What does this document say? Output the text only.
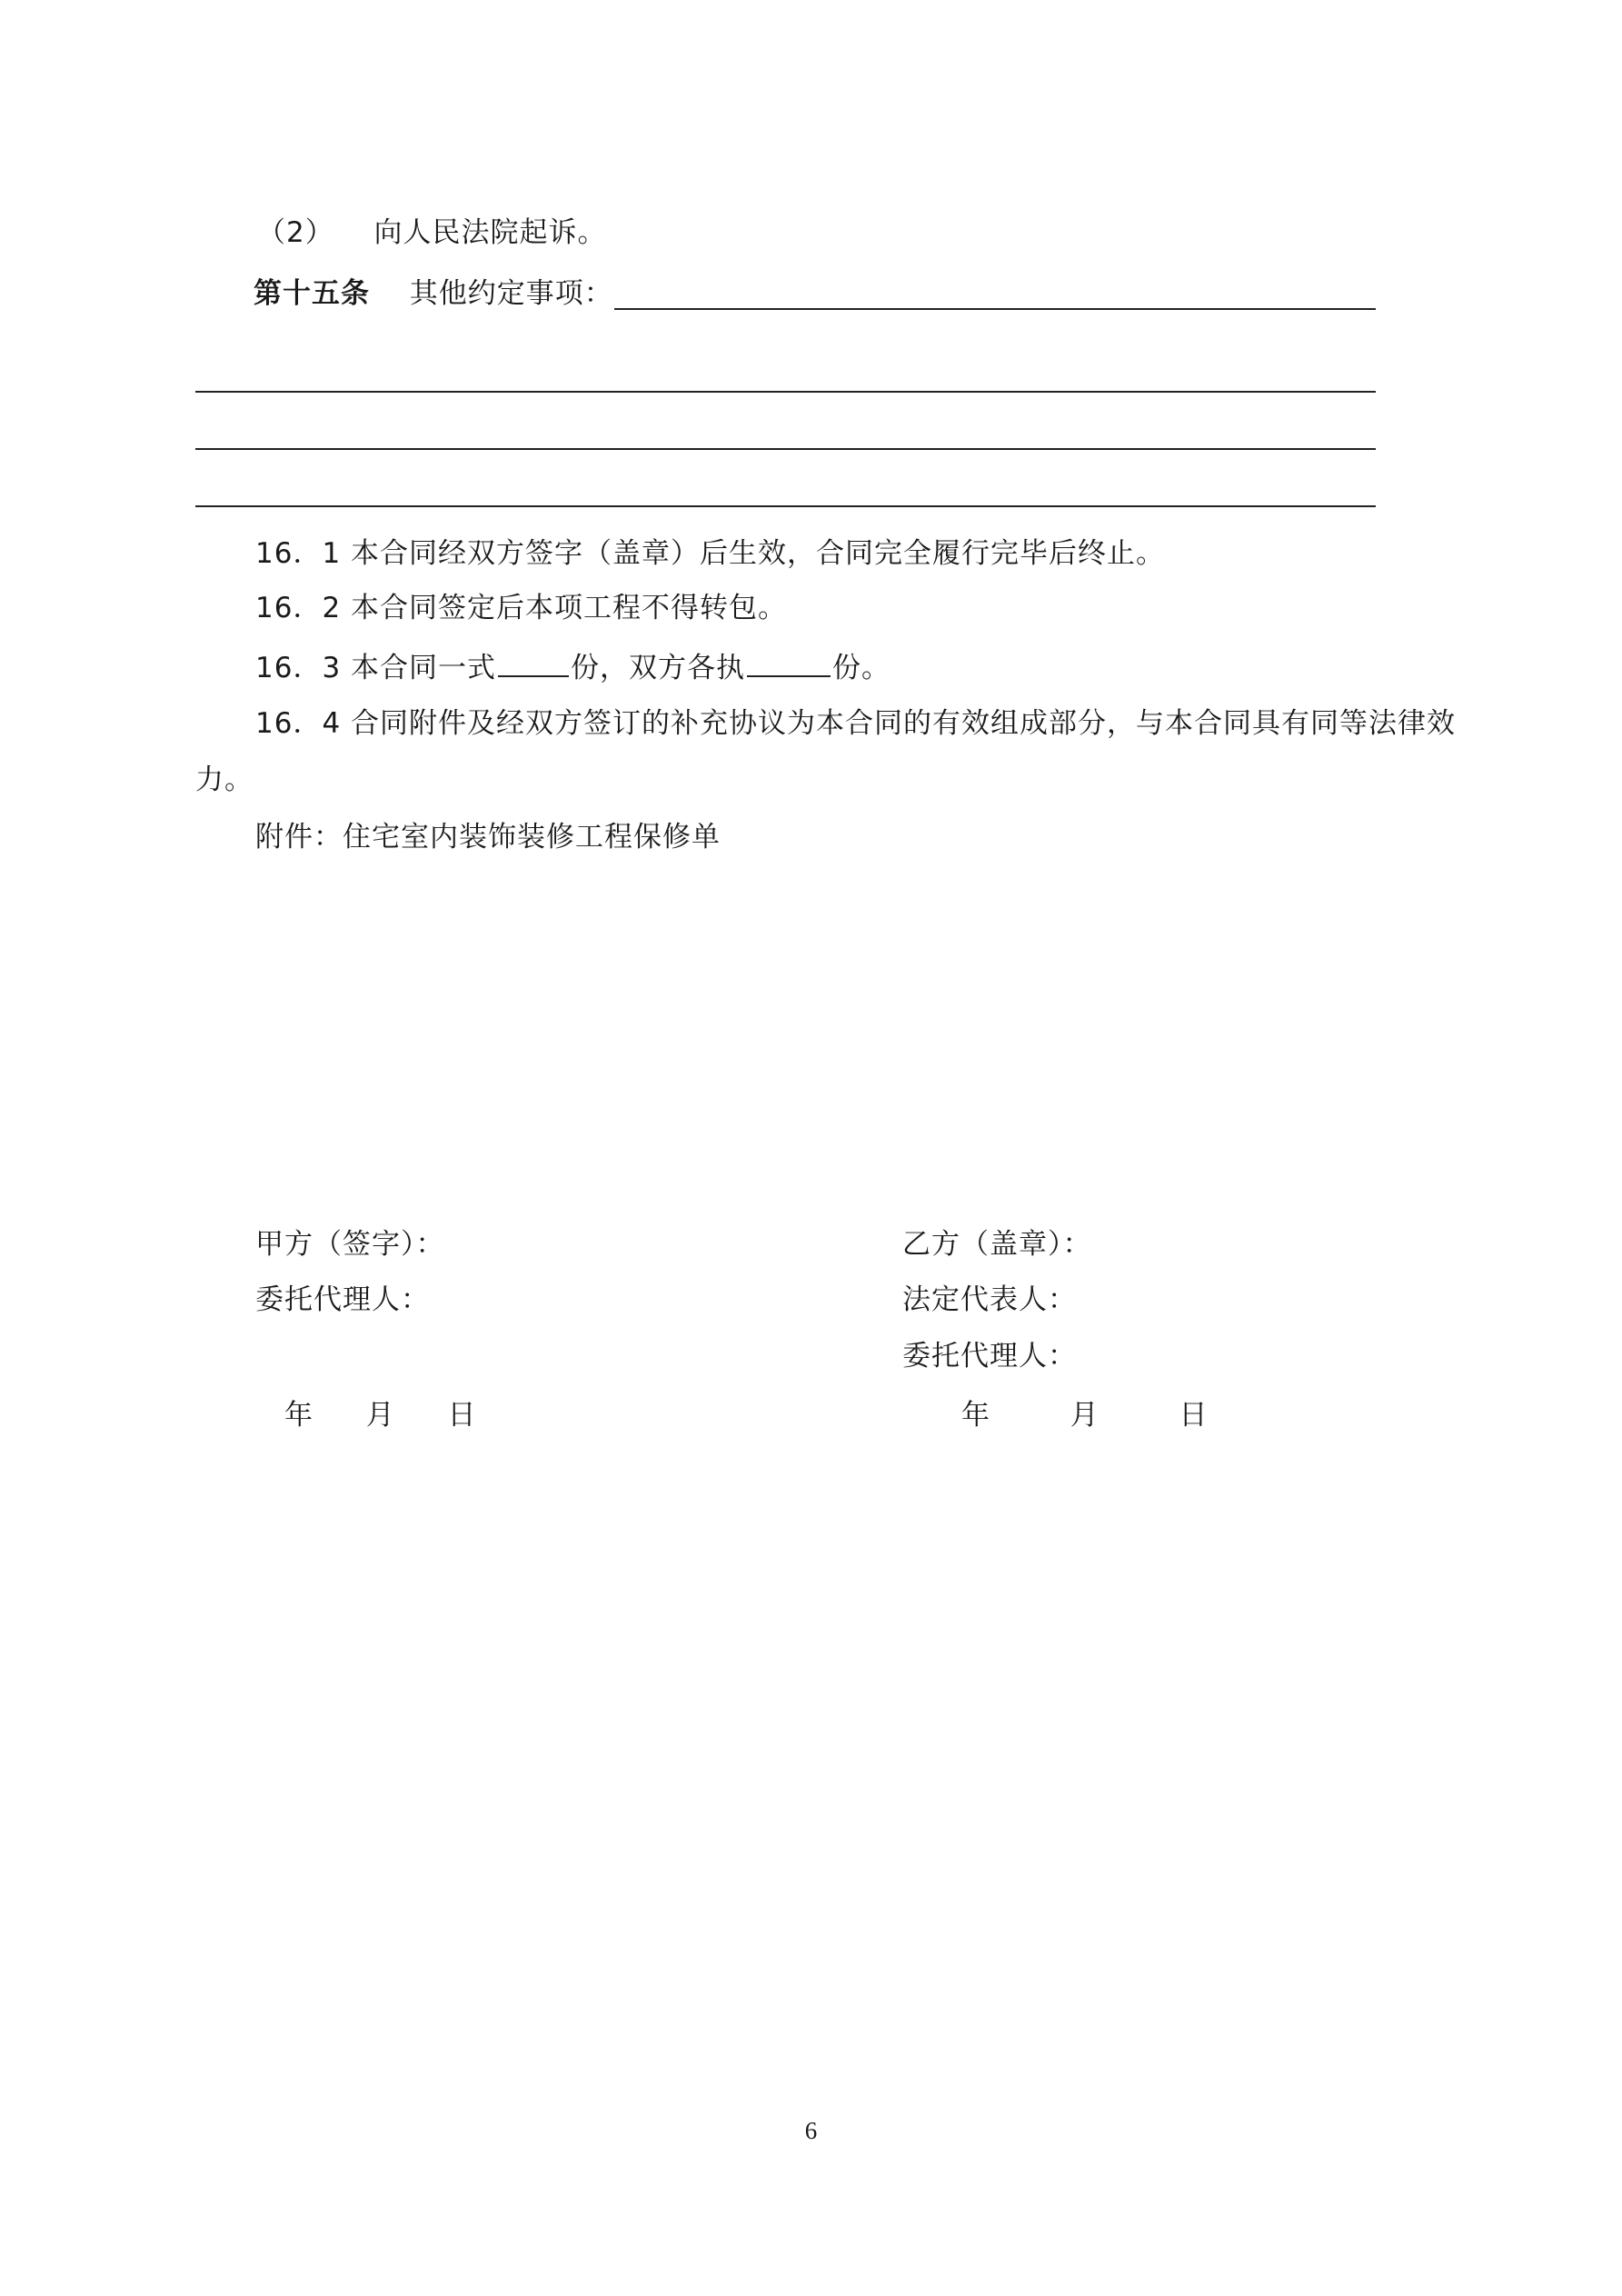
（2） 向人民法院起诉。
第十五条 其他约定事项：
16．1 本合同经双方签字（盖章）后生效，合同完全履行完毕后终止。
16．2 本合同签定后本项工程不得转包。
16．3 本合同一式	份，双方各执	份。
16．4 合同附件及经双方签订的补充协议为本合同的有效组成部分，与本合同具有同等法律效
力。
附件：住宅室内装饰装修工程保修单
甲方（签字）：
委托代理人：
年 月 日
乙方（盖章）：
法定代表人：
委托代理人：
年	月	日
6
